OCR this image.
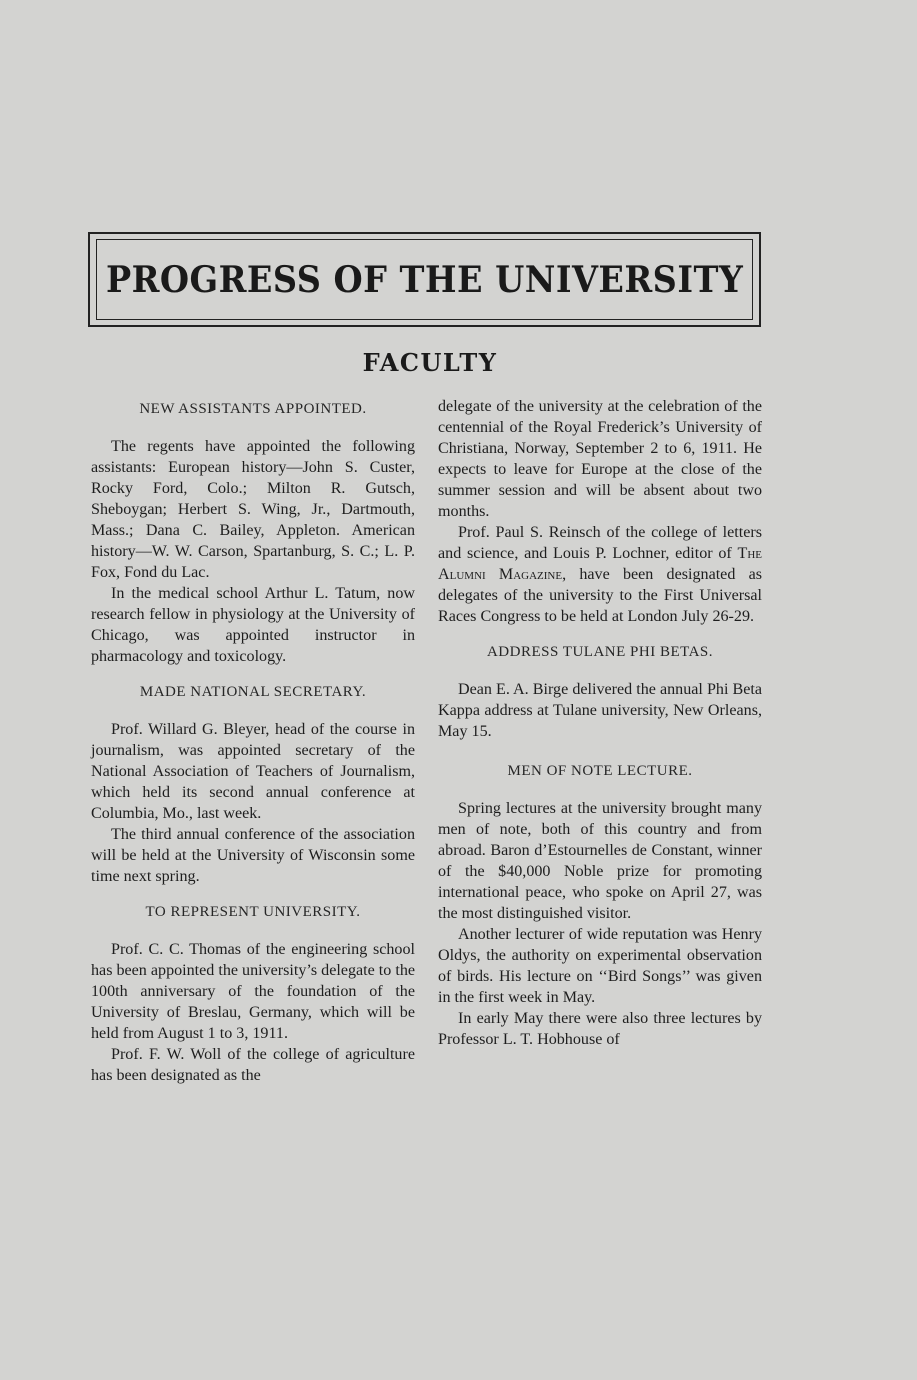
PROGRESS OF THE UNIVERSITY
FACULTY
NEW ASSISTANTS APPOINTED.

The regents have appointed the following assistants: European history—John S. Custer, Rocky Ford, Colo.; Milton R. Gutsch, Sheboygan; Herbert S. Wing, Jr., Dartmouth, Mass.; Dana C. Bailey, Appleton. American history—W. W. Carson, Spartanburg, S. C.; L. P. Fox, Fond du Lac.

In the medical school Arthur L. Tatum, now research fellow in physiology at the University of Chicago, was appointed instructor in pharmacology and toxicology.

MADE NATIONAL SECRETARY.

Prof. Willard G. Bleyer, head of the course in journalism, was appointed secretary of the National Association of Teachers of Journalism, which held its second annual conference at Columbia, Mo., last week.

The third annual conference of the association will be held at the University of Wisconsin some time next spring.

TO REPRESENT UNIVERSITY.

Prof. C. C. Thomas of the engineering school has been appointed the university’s delegate to the 100th anniversary of the foundation of the University of Breslau, Germany, which will be held from August 1 to 3, 1911.

Prof. F. W. Woll of the college of agriculture has been designated as the

delegate of the university at the celebration of the centennial of the Royal Frederick’s University of Christiana, Norway, September 2 to 6, 1911. He expects to leave for Europe at the close of the summer session and will be absent about two months.

Prof. Paul S. Reinsch of the college of letters and science, and Louis P. Lochner, editor of The Alumni Magazine, have been designated as delegates of the university to the First Universal Races Congress to be held at London July 26-29.

ADDRESS TULANE PHI BETAS.

Dean E. A. Birge delivered the annual Phi Beta Kappa address at Tulane university, New Orleans, May 15.

MEN OF NOTE LECTURE.

Spring lectures at the university brought many men of note, both of this country and from abroad. Baron d’Estournelles de Constant, winner of the $40,000 Noble prize for promoting international peace, who spoke on April 27, was the most distinguished visitor.

Another lecturer of wide reputation was Henry Oldys, the authority on experimental observation of birds. His lecture on ‘‘Bird Songs’’ was given in the first week in May.

In early May there were also three lectures by Professor L. T. Hobhouse of
